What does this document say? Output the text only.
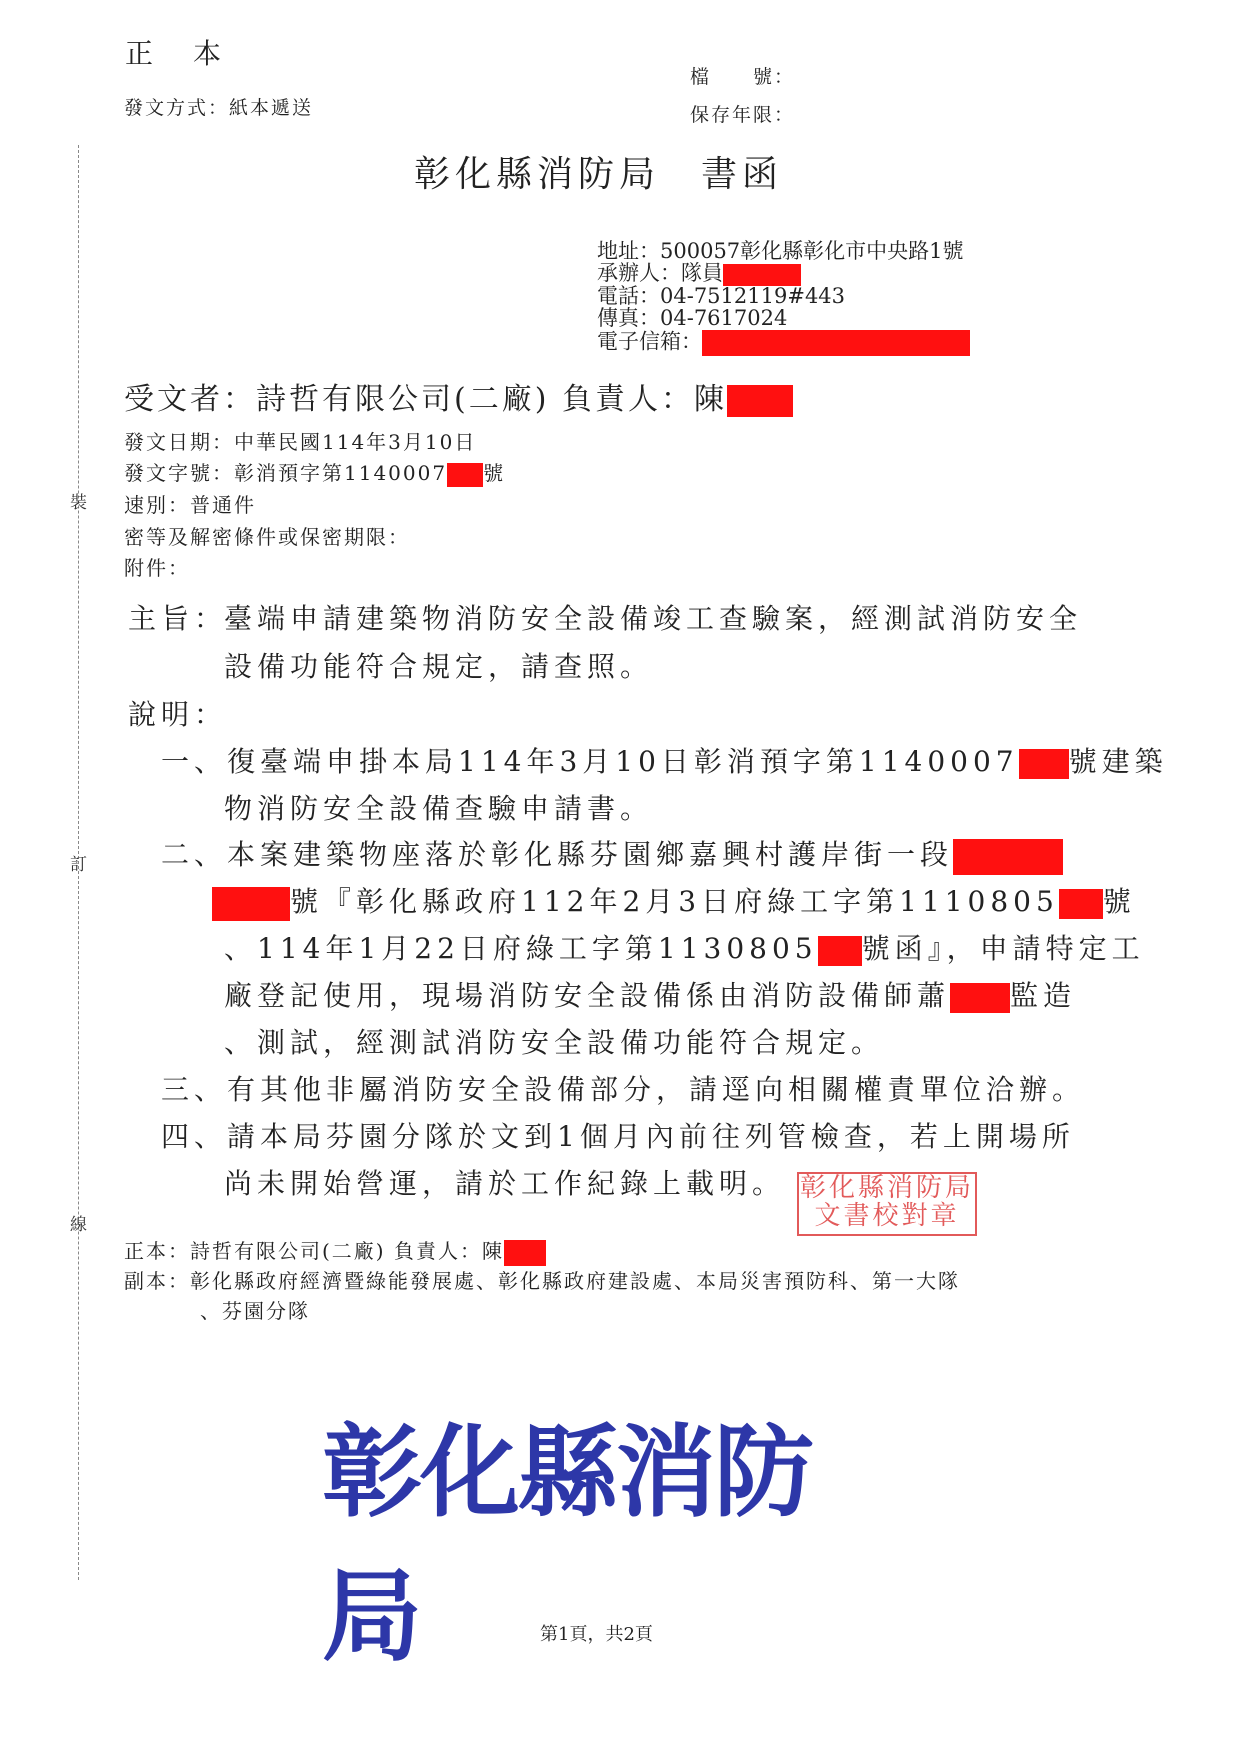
裝
訂
線
正　本
發文方式：紙本遞送
檔　　號：
保存年限：
彰化縣消防局　書函
地址：500057彰化縣彰化市中央路1號
承辦人：隊員
電話：04-7512119#443
傳真：04-7617024
電子信箱：
受文者：詩哲有限公司(二廠) 負責人：陳
發文日期：中華民國114年3月10日
發文字號：彰消預字第1140007 號
速別：普通件
密等及解密條件或保密期限：
附件：
主旨：
臺端申請建築物消防安全設備竣工查驗案，經測試消防安全
設備功能符合規定，請查照。
說明：
一、復臺端申掛本局114年3月10日彰消預字第1140007 號建築
物消防安全設備查驗申請書。
二、本案建築物座落於彰化縣芬園鄉嘉興村護岸街一段
號『彰化縣政府112年2月3日府綠工字第1110805 號
、114年1月22日府綠工字第1130805 號函』，申請特定工
廠登記使用，現場消防安全設備係由消防設備師蕭 監造
、測試，經測試消防安全設備功能符合規定。
三、有其他非屬消防安全設備部分，請逕向相關權責單位洽辦。
四、請本局芬園分隊於文到1個月內前往列管檢查，若上開場所
尚未開始營運，請於工作紀錄上載明。 彰化縣消防局
文書校對章
正本：詩哲有限公司(二廠) 負責人：陳
副本：彰化縣政府經濟暨綠能發展處、彰化縣政府建設處、本局災害預防科、第一大隊
、芬園分隊
彰化縣消防局	第1頁，共2頁
